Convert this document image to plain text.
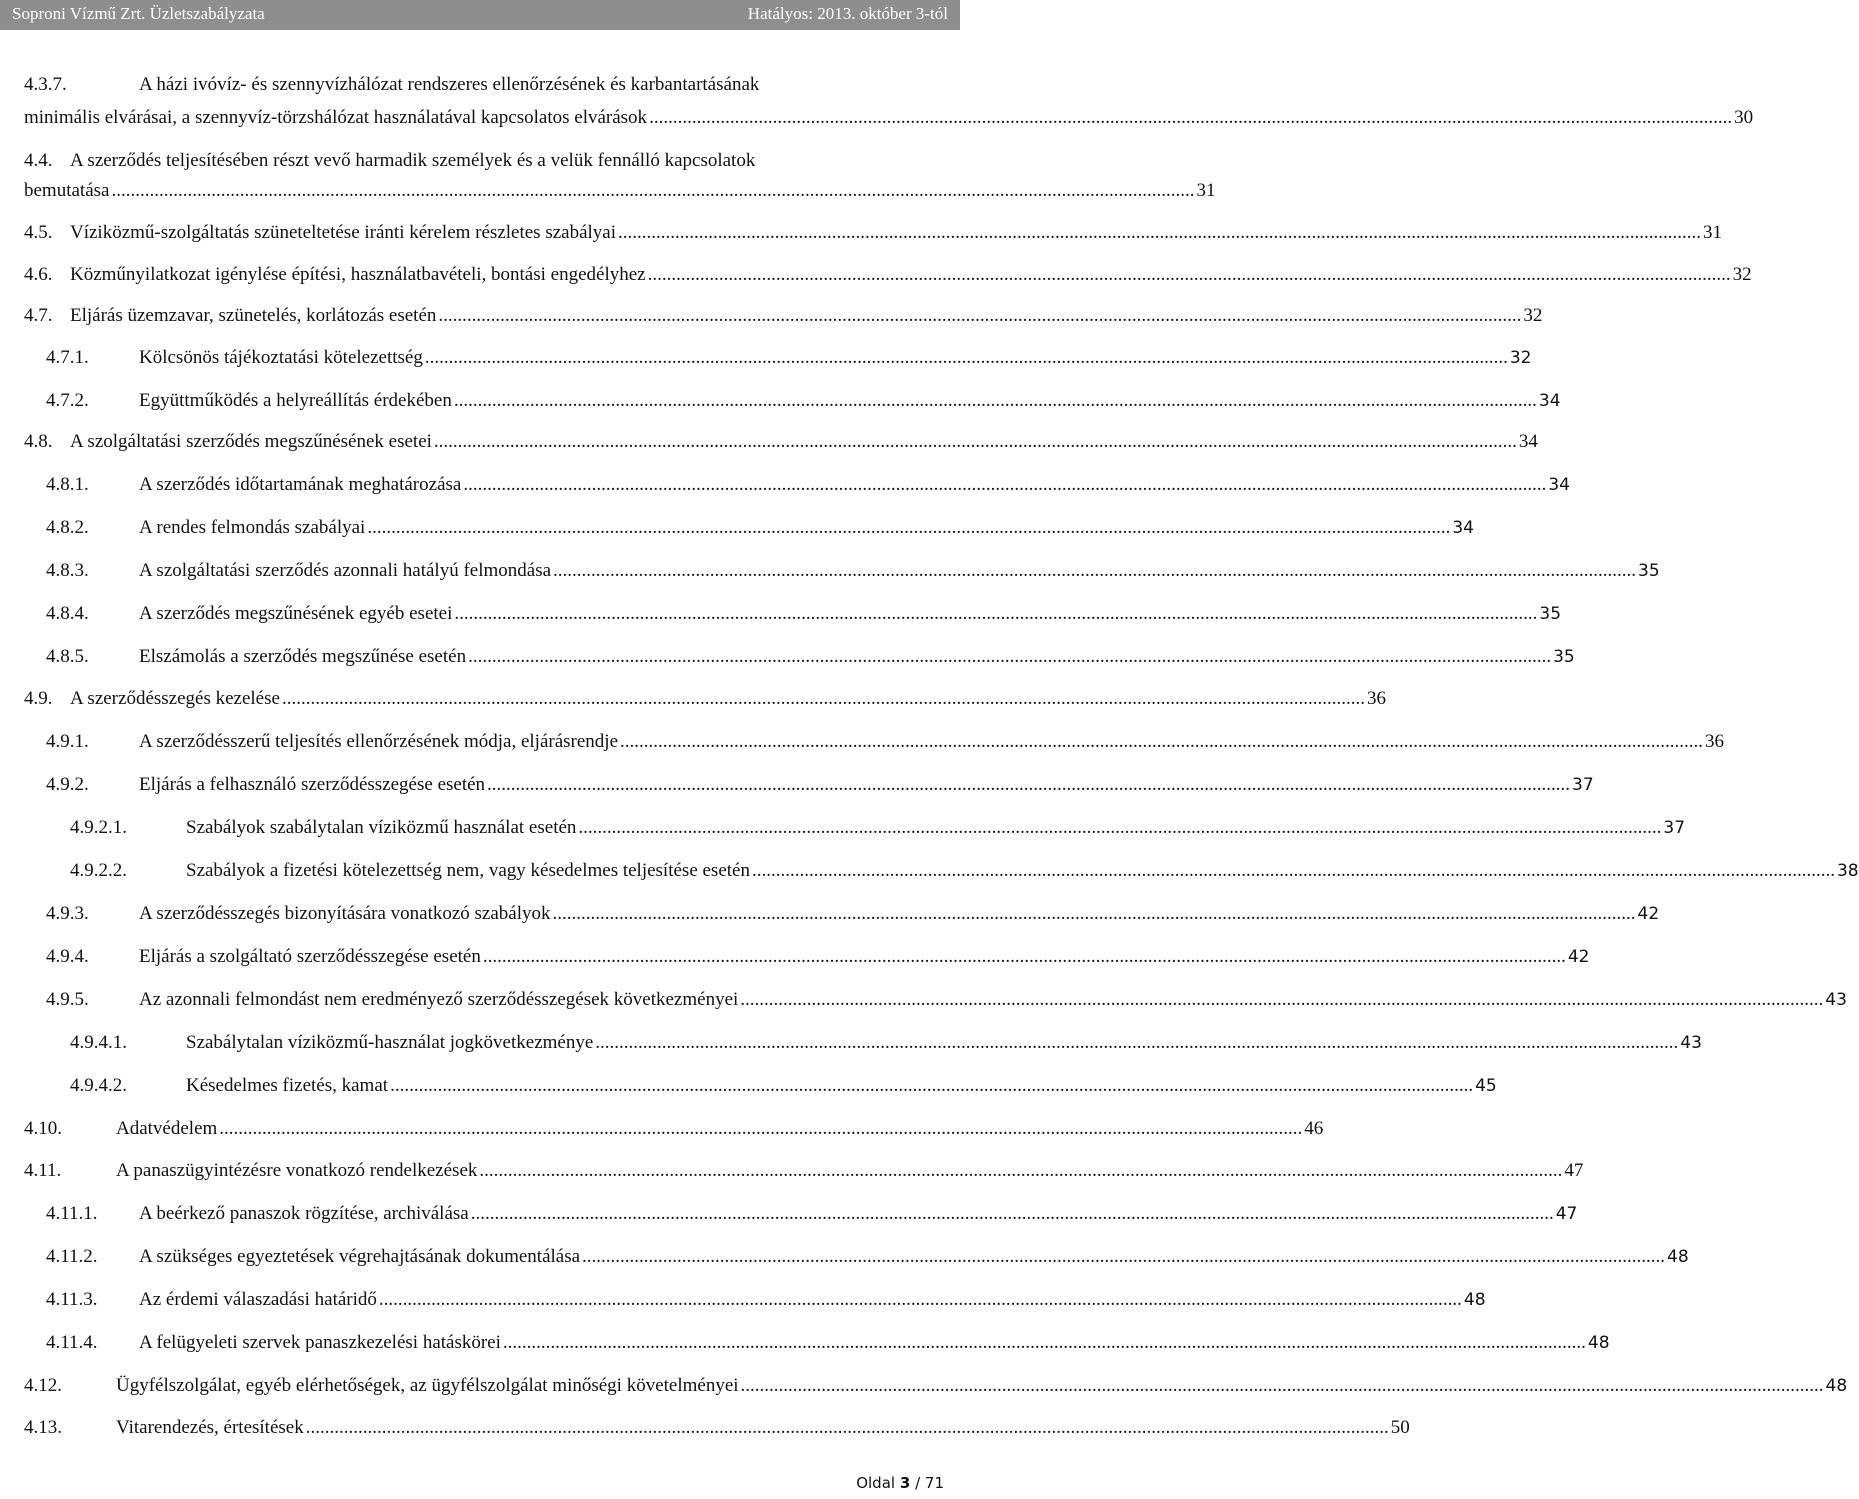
Soproni Vízmű Zrt. Üzletszabályzata	Hatályos: 2013. október 3-tól
4.3.7.	A házi ivóvíz- és szennyvízhálózat rendszeres ellenőrzésének és karbantartásának
minimális elvárásai, a szennyvíz-törzshálózat használatával kapcsolatos elvárások .....	30
4.4. A szerződés teljesítésében részt vevő harmadik személyek és a velük fennálló kapcsolatok
bemutatása .....	31
4.5. Víziközmű-szolgáltatás szüneteltetése iránti kérelem részletes szabályai .....	31
4.6. Közműnyilatkozat igénylése építési, használatbavételi, bontási engedélyhez .....	32
4.7. Eljárás üzemzavar, szünetelés, korlátozás esetén .....	32
4.7.1.	Kölcsönös tájékoztatási kötelezettség .....	32
4.7.2.	Együttműködés a helyreállítás érdekében .....	34
4.8. A szolgáltatási szerződés megszűnésének esetei .....	34
4.8.1.	A szerződés időtartamának meghatározása .....	34
4.8.2.	A rendes felmondás szabályai .....	34
4.8.3.	A szolgáltatási szerződés azonnali hatályú felmondása .....	35
4.8.4.	A szerződés megszűnésének egyéb esetei .....	35
4.8.5.	Elszámolás a szerződés megszűnése esetén .....	35
4.9. A szerződésszegés kezelése .....	36
4.9.1.	A szerződésszerű teljesítés ellenőrzésének módja, eljárásrendje .....	36
4.9.2.	Eljárás a felhasználó szerződésszegése esetén .....	37
4.9.2.1.	Szabályok szabálytalan víziközmű használat esetén .....	37
4.9.2.2.	Szabályok a fizetési kötelezettség nem, vagy késedelmes teljesítése esetén .....	38
4.9.3.	A szerződésszegés bizonyítására vonatkozó szabályok .....	42
4.9.4.	Eljárás a szolgáltató szerződésszegése esetén .....	42
4.9.5.	Az azonnali felmondást nem eredményező szerződésszegések következményei .....	43
4.9.4.1.	Szabálytalan víziközmű-használat jogkövetkezménye .....	43
4.9.4.2.	Késedelmes fizetés, kamat .....	45
4.10.	Adatvédelem .....	46
4.11.	A panaszügyintézésre vonatkozó rendelkezések .....	47
4.11.1. A beérkező panaszok rögzítése, archiválása .....	47
4.11.2. A szükséges egyeztetések végrehajtásának dokumentálása .....	48
4.11.3. Az érdemi válaszadási határidő .....	48
4.11.4. A felügyeleti szervek panaszkezelési hatáskörei .....	48
4.12.	Ügyfélszolgálat, egyéb elérhetőségek, az ügyfélszolgálat minőségi követelményei .....	48
4.13.	Vitarendezés, értesítések .....	50
Oldal 3 / 71
